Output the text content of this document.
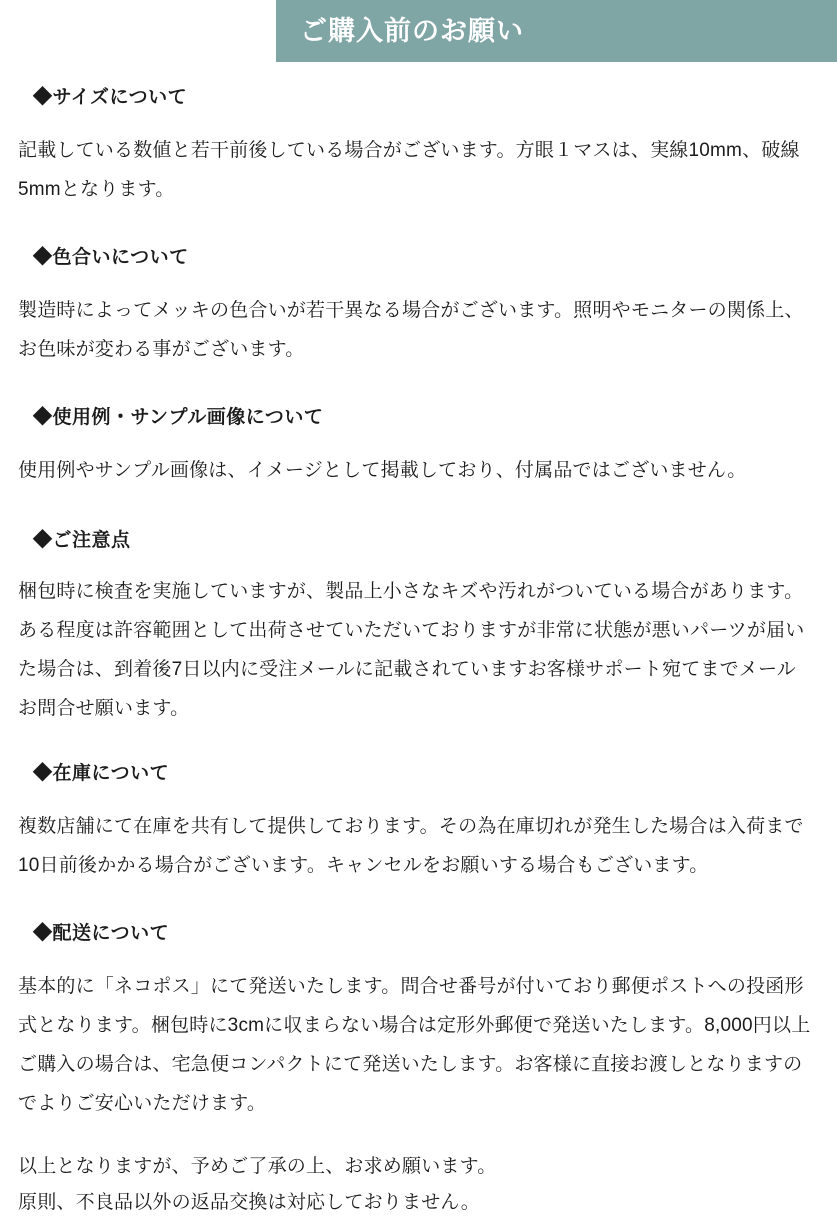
ご購入前のお願い
◆サイズについて
記載している数値と若干前後している場合がございます。方眼１マスは、実線10mm、破線5mmとなります。
◆色合いについて
製造時によってメッキの色合いが若干異なる場合がございます。照明やモニターの関係上、お色味が変わる事がございます。
◆使用例・サンプル画像について
使用例やサンプル画像は、イメージとして掲載しており、付属品ではございません。
◆ご注意点
梱包時に検査を実施していますが、製品上小さなキズや汚れがついている場合があります。ある程度は許容範囲として出荷させていただいておりますが非常に状態が悪いパーツが届いた場合は、到着後7日以内に受注メールに記載されていますお客様サポート宛てまでメールお問合せ願います。
◆在庫について
複数店舗にて在庫を共有して提供しております。その為在庫切れが発生した場合は入荷まで10日前後かかる場合がございます。キャンセルをお願いする場合もございます。
◆配送について
基本的に「ネコポス」にて発送いたします。問合せ番号が付いており郵便ポストへの投函形式となります。梱包時に3cmに収まらない場合は定形外郵便で発送いたします。8,000円以上ご購入の場合は、宅急便コンパクトにて発送いたします。お客様に直接お渡しとなりますのでよりご安心いただけます。
以上となりますが、予めご了承の上、お求め願います。
原則、不良品以外の返品交換は対応しておりません。
